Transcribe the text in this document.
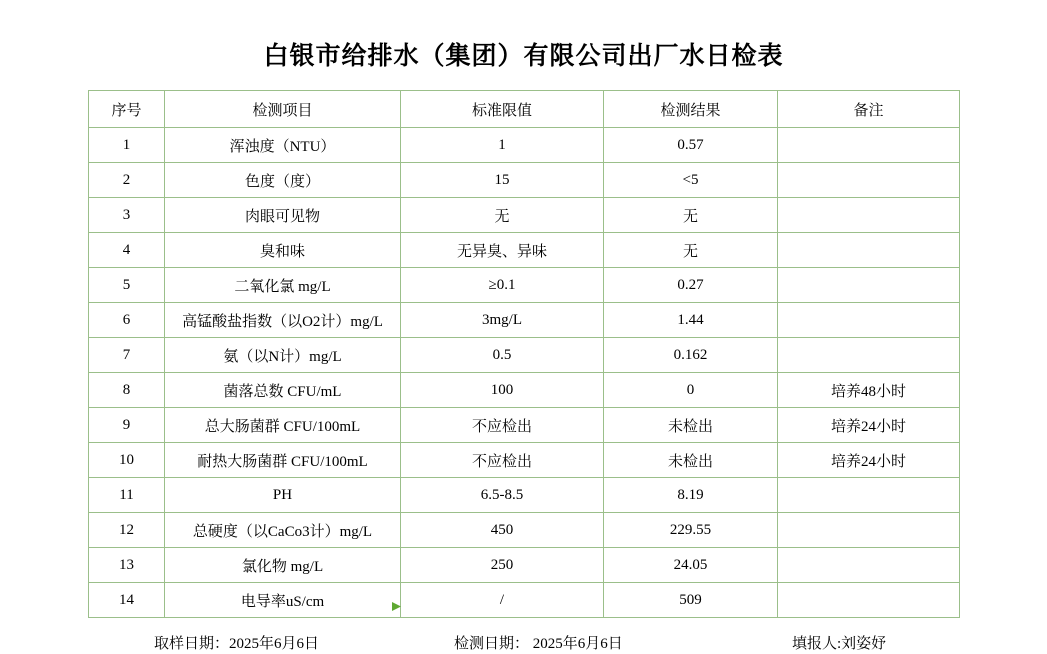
白银市给排水（集团）有限公司出厂水日检表
序号	检测项目	标准限值	检测结果	备注
1	浑浊度（NTU）	1	0.57	
2	色度（度）	15	<5	
3	肉眼可见物	无	无	
4	臭和味	无异臭、异味	无	
5	二氧化氯 mg/L	≥0.1	0.27	
6	高锰酸盐指数（以O2计）mg/L	3mg/L	1.44	
7	氨（以N计）mg/L	0.5	0.162	
8	菌落总数 CFU/mL	100	0	培养48小时
9	总大肠菌群 CFU/100mL	不应检出	未检出	培养24小时
10	耐热大肠菌群 CFU/100mL	不应检出	未检出	培养24小时
11	PH	6.5-8.5	8.19	
12	总硬度（以CaCo3计）mg/L	450	229.55	
13	氯化物 mg/L	250	24.05	
14	电导率uS/cm	/	509	
取样日期：2025年6月6日	检测日期： 2025年6月6日	填报人:刘姿妤
